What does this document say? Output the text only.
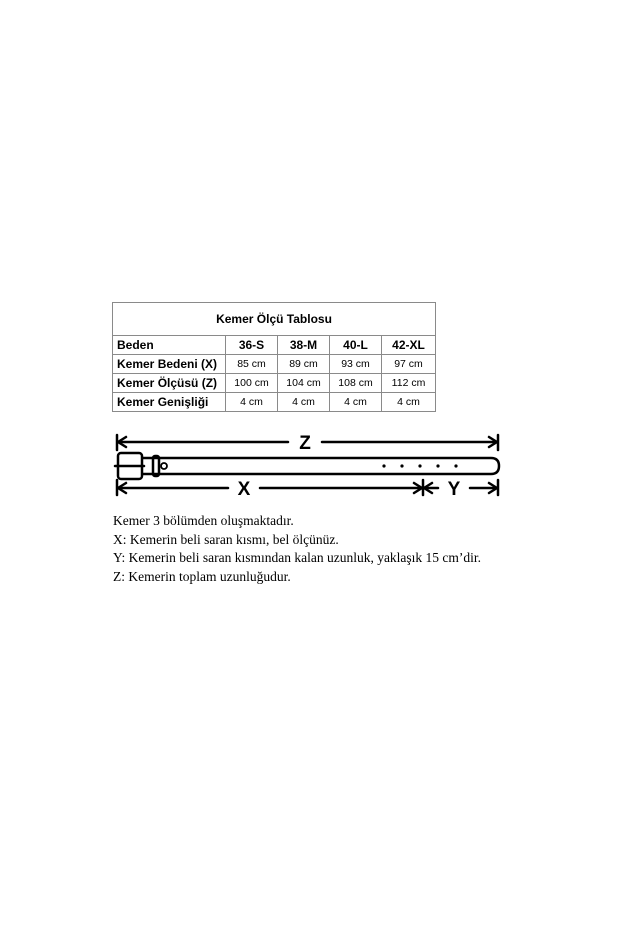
Kemer Ölçü Tablosu				
Beden	36-S	38-M	40-L	42-XL
Kemer Bedeni (X)	85 cm	89 cm	93 cm	97 cm
Kemer Ölçüsü (Z)	100 cm	104 cm	108 cm	112 cm
Kemer Genişliği	4 cm	4 cm	4 cm	4 cm
Z
X	Y

Kemer 3 bölümden oluşmaktadır.

X: Kemerin beli saran kısmı, bel ölçünüz.

Y: Kemerin beli saran kısmından kalan uzunluk, yaklaşık 15 cm’dir.

Z: Kemerin toplam uzunluğudur.
